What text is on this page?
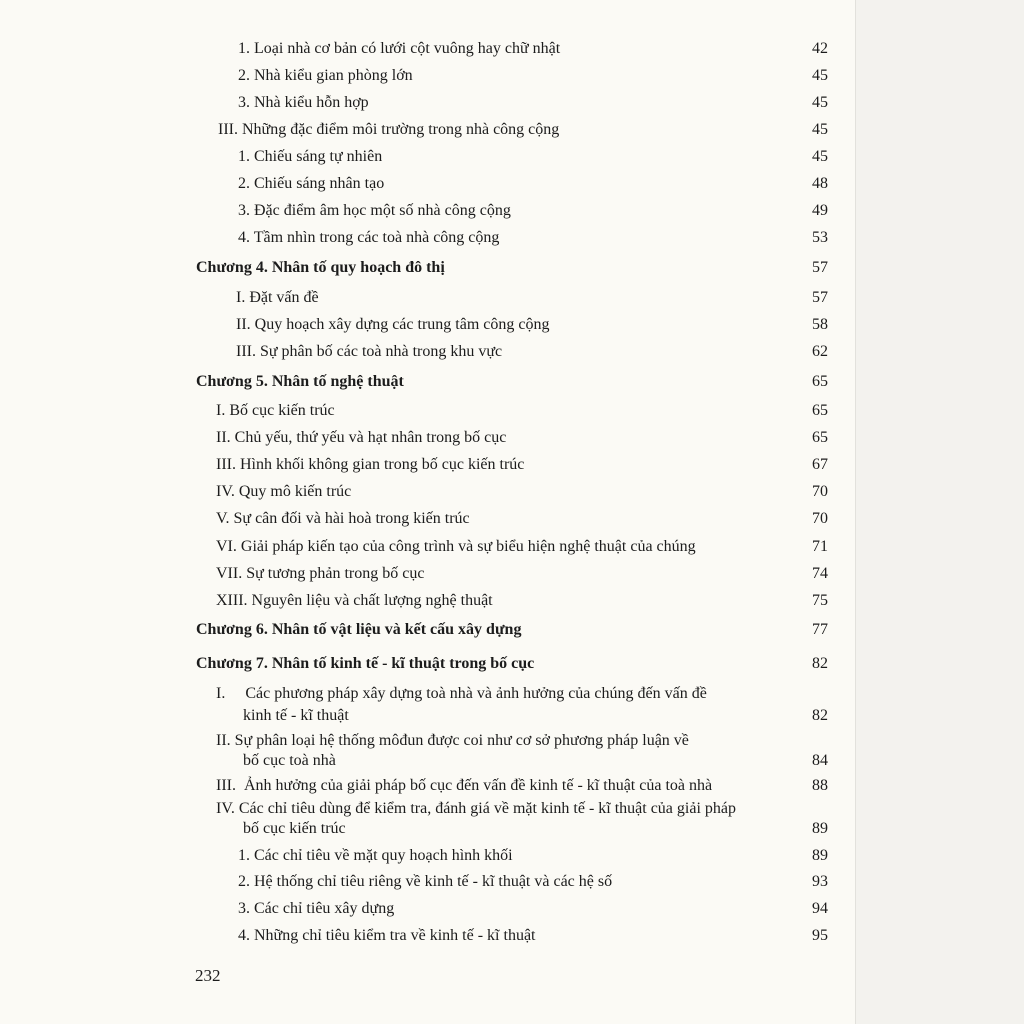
1. Loại nhà cơ bản có lưới cột vuông hay chữ nhật	42
2. Nhà kiểu gian phòng lớn	45
3. Nhà kiểu hỗn hợp	45
III. Những đặc điểm môi trường trong nhà công cộng	45
1. Chiếu sáng tự nhiên	45
2. Chiếu sáng nhân tạo	48
3. Đặc điểm âm học một số nhà công cộng	49
4. Tầm nhìn trong các toà nhà công cộng	53
Chương 4. Nhân tố quy hoạch đô thị	57
I. Đặt vấn đề	57
II. Quy hoạch xây dựng các trung tâm công cộng	58
III. Sự phân bố các toà nhà trong khu vực	62
Chương 5. Nhân tố nghệ thuật	65
I. Bố cục kiến trúc	65
II. Chủ yếu, thứ yếu và hạt nhân trong bố cục	65
III. Hình khối không gian trong bố cục kiến trúc	67
IV. Quy mô kiến trúc	70
V. Sự cân đối và hài hoà trong kiến trúc	70
VI. Giải pháp kiến tạo của công trình và sự biểu hiện nghệ thuật của chúng	71
VII. Sự tương phản trong bố cục	74
XIII. Nguyên liệu và chất lượng nghệ thuật	75
Chương 6. Nhân tố vật liệu và kết cấu xây dựng	77
Chương 7. Nhân tố kinh tế - kĩ thuật trong bố cục	82
I.     Các phương pháp xây dựng toà nhà và ảnh hưởng của chúng đến vấn đề
kinh tế - kĩ thuật	82
II. Sự phân loại hệ thống môđun được coi như cơ sở phương pháp luận về
bố cục toà nhà	84
III.  Ảnh hưởng của giải pháp bố cục đến vấn đề kinh tế - kĩ thuật của toà nhà	88
IV. Các chỉ tiêu dùng để kiểm tra, đánh giá về mặt kinh tế - kĩ thuật của giải pháp
bố cục kiến trúc	89
1. Các chỉ tiêu về mặt quy hoạch hình khối	89
2. Hệ thống chỉ tiêu riêng về kinh tế - kĩ thuật và các hệ số	93
3. Các chỉ tiêu xây dựng	94
4. Những chỉ tiêu kiểm tra về kinh tế - kĩ thuật	95
232
